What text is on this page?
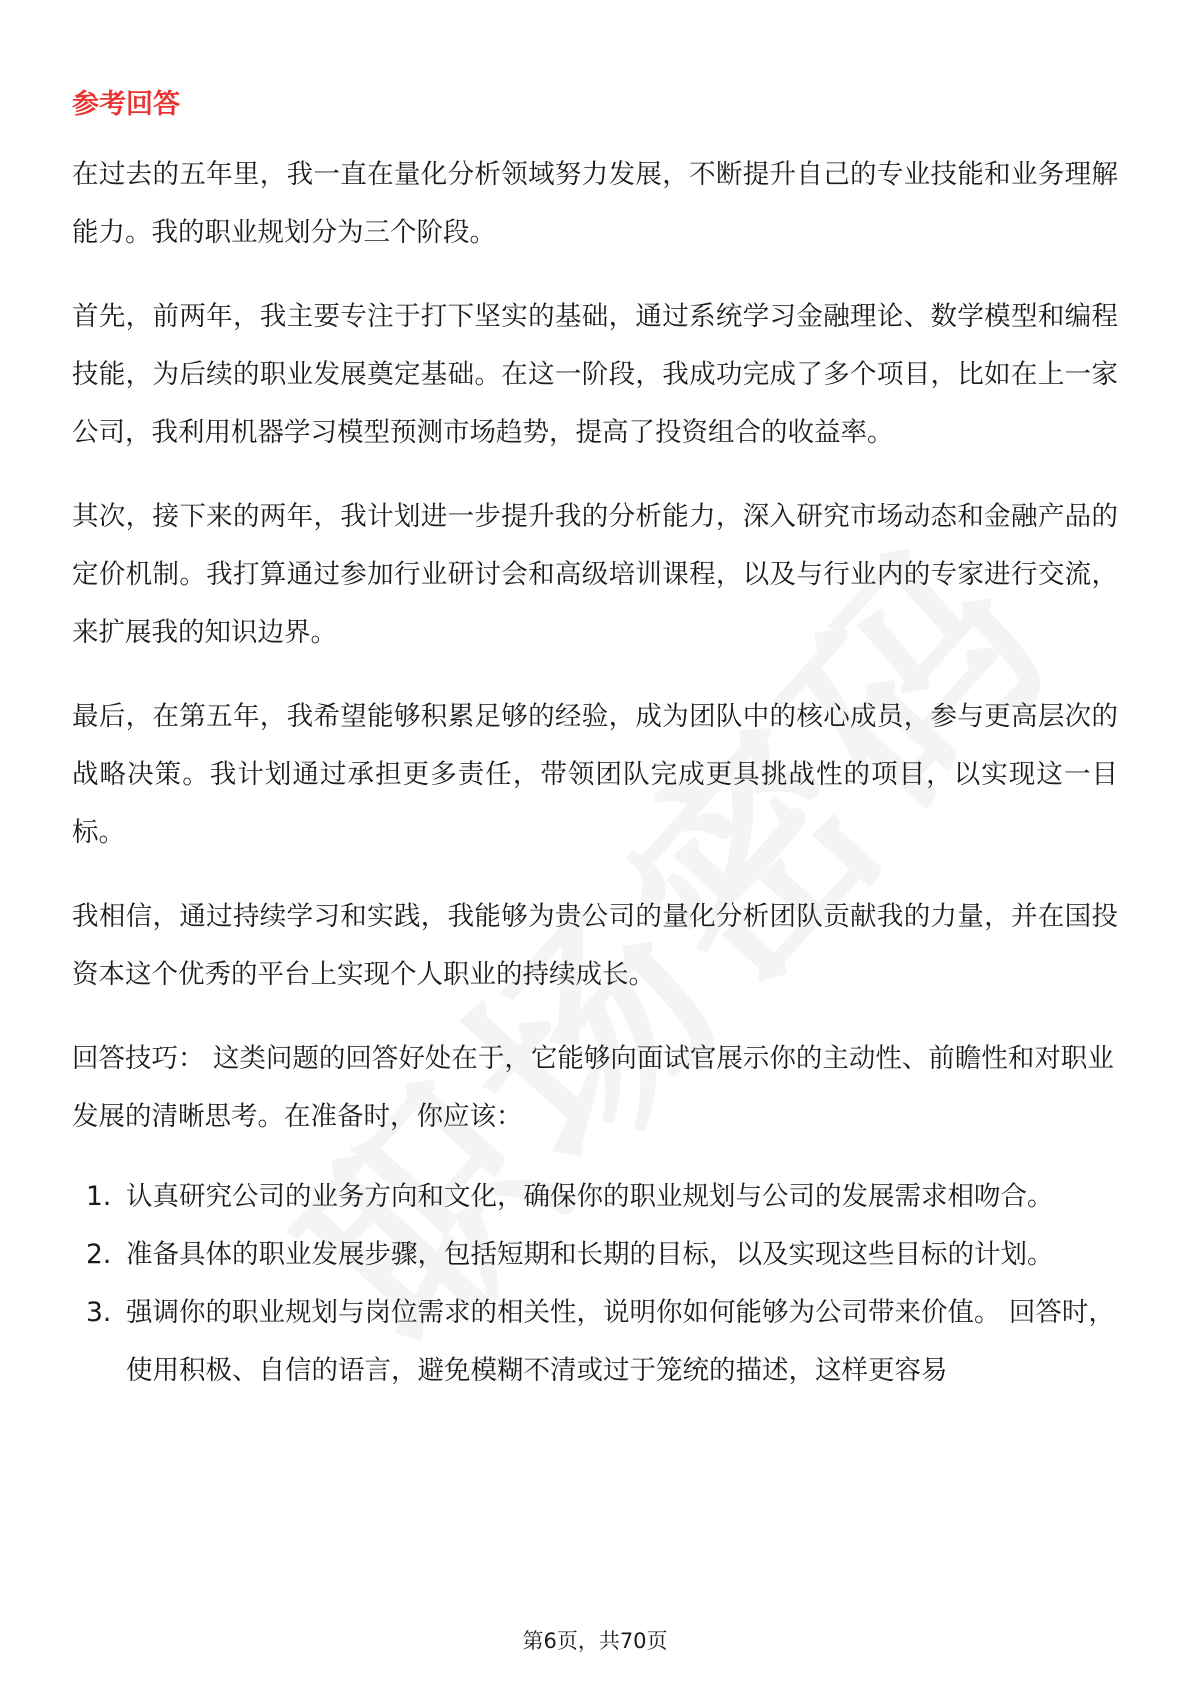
参考回答

在过去的五年里，我一直在量化分析领域努力发展，不断提升自己的专业技能和业务理解能力。我的职业规划分为三个阶段。

首先，前两年，我主要专注于打下坚实的基础，通过系统学习金融理论、数学模型和编程技能，为后续的职业发展奠定基础。在这一阶段，我成功完成了多个项目，比如在上一家公司，我利用机器学习模型预测市场趋势，提高了投资组合的收益率。

其次，接下来的两年，我计划进一步提升我的分析能力，深入研究市场动态和金融产品的定价机制。我打算通过参加行业研讨会和高级培训课程，以及与行业内的专家进行交流，来扩展我的知识边界。

最后，在第五年，我希望能够积累足够的经验，成为团队中的核心成员，参与更高层次的战略决策。我计划通过承担更多责任，带领团队完成更具挑战性的项目，以实现这一目标。

我相信，通过持续学习和实践，我能够为贵公司的量化分析团队贡献我的力量，并在国投资本这个优秀的平台上实现个人职业的持续成长。

回答技巧： 这类问题的回答好处在于，它能够向面试官展示你的主动性、前瞻性和对职业发展的清晰思考。在准备时，你应该：

1. 认真研究公司的业务方向和文化，确保你的职业规划与公司的发展需求相吻合。
2. 准备具体的职业发展步骤，包括短期和长期的目标，以及实现这些目标的计划。
3. 强调你的职业规划与岗位需求的相关性，说明你如何能够为公司带来价值。 回答时，使用积极、自信的语言，避免模糊不清或过于笼统的描述，这样更容易
第6页，共70页
